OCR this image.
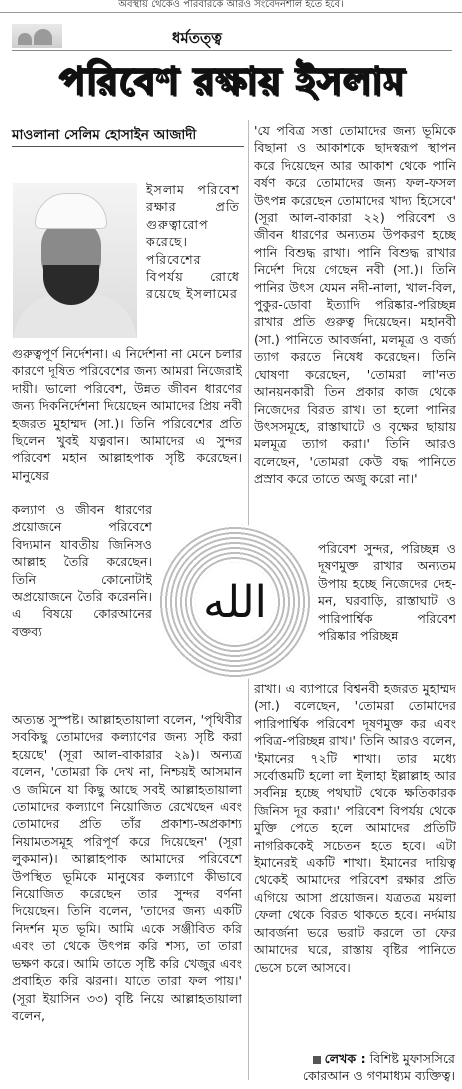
অবস্থায় থেকেও পরিবারকে আরও সংবেদনশীল হতে হবে।
ধর্মতত্ত্ব
পরিবেশ রক্ষায় ইসলাম
মাওলানা সেলিম হোসাইন আজাদী
ইসলাম পরিবেশ রক্ষার প্রতি গুরুত্বারোপ করেছে। পরিবেশের বিপর্যয় রোধে রয়েছে ইসলামের
গুরুত্বপূর্ণ নির্দেশনা। এ নির্দেশনা না মেনে চলার কারণে দূষিত পরিবেশের জন্য আমরা নিজেরাই দায়ী। ভালো পরিবেশ, উন্নত জীবন ধারণের জন্য দিকনির্দেশনা দিয়েছেন আমাদের প্রিয় নবী হজরত মুহাম্মদ (সা.)। তিনি পরিবেশের প্রতি ছিলেন খুবই যত্নবান। আমাদের এ সুন্দর পরিবেশ মহান আল্লাহপাক সৃষ্টি করেছেন। মানুষের
কল্যাণ ও জীবন ধারণের প্রয়োজনে পরিবেশে বিদ্যমান যাবতীয় জিনিসও আল্লাহ তৈরি করেছেন। তিনি কোনোটাই অপ্রয়োজনে তৈরি করেননি। এ বিষয়ে কোরআনের বক্তব্য
অত্যন্ত সুস্পষ্ট। আল্লাহতায়ালা বলেন, 'পৃথিবীর সবকিছু তোমাদের কল্যাণের জন্য সৃষ্টি করা হয়েছে' (সূরা আল-বাকারার ২৯)। অন্যত্র বলেন, 'তোমরা কি দেখ না, নিশ্চয়ই আসমান ও জমিনে যা কিছু আছে সবই আল্লাহতায়ালা তোমাদের কল্যাণে নিয়োজিত রেখেছেন এবং তোমাদের প্রতি তাঁর প্রকাশ্য-অপ্রকাশ্য নিয়ামতসমূহ পরিপূর্ণ করে দিয়েছেন' (সূরা লুকমান)। আল্লাহপাক আমাদের পরিবেশে উপস্থিত ভূমিকে মানুষের কল্যাণে কীভাবে নিয়োজিত করেছেন তার সুন্দর বর্ণনা দিয়েছেন। তিনি বলেন, 'তাদের জন্য একটি নিদর্শন মৃত ভূমি। আমি একে সঞ্জীবিত করি এবং তা থেকে উৎপন্ন করি শস্য, তা তারা ভক্ষণ করে। আমি তাতে সৃষ্টি করি খেজুর এবং প্রবাহিত করি ঝরনা। যাতে তারা ফল পায়।' (সূরা ইয়াসিন ৩৩) বৃষ্টি নিয়ে আল্লাহতায়ালা বলেন,
الله
'যে পবিত্র সত্তা তোমাদের জন্য ভূমিকে বিছানা ও আকাশকে ছাদস্বরূপ স্থাপন করে দিয়েছেন আর আকাশ থেকে পানি বর্ষণ করে তোমাদের জন্য ফল-ফসল উৎপন্ন করেছেন তোমাদের খাদ্য হিসেবে' (সূরা আল-বাকারা ২২) পরিবেশ ও জীবন ধারণের অন্যতম উপকরণ হচ্ছে পানি বিশুদ্ধ রাখা। পানি বিশুদ্ধ রাখার নির্দেশ দিয়ে গেছেন নবী (সা.)। তিনি পানির উৎস যেমন নদী-নালা, খাল-বিল, পুকুর-ডোবা ইত্যাদি পরিষ্কার-পরিচ্ছন্ন রাখার প্রতি গুরুত্ব দিয়েছেন। মহানবী (সা.) পানিতে আবর্জনা, মলমূত্র ও বর্জ্য ত্যাগ করতে নিষেধ করেছেন। তিনি ঘোষণা করেছেন, 'তোমরা লা'নত আনয়নকারী তিন প্রকার কাজ থেকে নিজেদের বিরত রাখ। তা হলো পানির উৎসসমূহে, রাস্তাঘাটে ও বৃক্ষের ছায়ায় মলমূত্র ত্যাগ করা।' তিনি আরও বলেছেন, 'তোমরা কেউ বদ্ধ পানিতে প্রস্রাব করে তাতে অজু করো না।'
পরিবেশ সুন্দর, পরিচ্ছন্ন ও দূষণমুক্ত রাখার অন্যতম উপায় হচ্ছে নিজেদের দেহ-মন, ঘরবাড়ি, রাস্তাঘাট ও পারিপার্শ্বিক পরিবেশ পরিষ্কার পরিচ্ছন্ন
রাখা। এ ব্যাপারে বিশ্বনবী হজরত মুহাম্মদ (সা.) বলেছেন, 'তোমরা তোমাদের পারিপার্শ্বিক পরিবেশ দূষণমুক্ত কর এবং পবিত্র-পরিচ্ছন্ন রাখ।' তিনি আরও বলেন, 'ইমানের ৭২টি শাখা। তার মধ্যে সর্বোত্তমটি হলো লা ইলাহা ইল্লাল্লাহ আর সর্বনিম্ন হচ্ছে পথঘাট থেকে ক্ষতিকারক জিনিস দূর করা।' পরিবেশ বিপর্যয় থেকে মুক্তি পেতে হলে আমাদের প্রতিটি নাগরিককেই সচেতন হতে হবে। এটা ইমানেরই একটি শাখা। ইমানের দায়িত্ব থেকেই আমাদের পরিবেশ রক্ষার প্রতি এগিয়ে আসা প্রয়োজন। যত্রতত্র ময়লা ফেলা থেকে বিরত থাকতে হবে। নর্দমায় আবর্জনা ভরে ভরাট করলে তা ফের আমাদের ঘরে, রাস্তায় বৃষ্টির পানিতে ভেসে চলে আসবে।
লেখক : বিশিষ্ট মুফাসসিরে কোরআন ও গণমাধ্যম ব্যক্তিত্ব।
